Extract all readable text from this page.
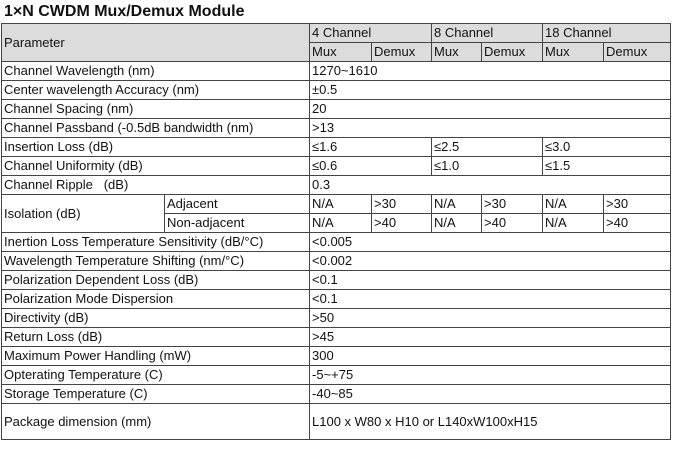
1×N CWDM Mux/Demux Module
Parameter		4 Channel		8 Channel		18 Channel	
		Mux	Demux	Mux	Demux	Mux	Demux
Channel Wavelength (nm)		1270~1610					
Center wavelength Accuracy (nm)		±0.5					
Channel Spacing (nm)		20					
Channel Passband (-0.5dB bandwidth (nm)		>13					
Insertion Loss (dB)		≤1.6		≤2.5		≤3.0	
Channel Uniformity (dB)		≤0.6		≤1.0		≤1.5	
Channel Ripple   (dB)		0.3					
Isolation (dB)	Adjacent	N/A	>30	N/A	>30	N/A	>30
	Non-adjacent	N/A	>40	N/A	>40	N/A	>40
Inertion Loss Temperature Sensitivity (dB/°C)		<0.005					
Wavelength Temperature Shifting (nm/°C)		<0.002					
Polarization Dependent Loss (dB)		<0.1					
Polarization Mode Dispersion		<0.1					
Directivity (dB)		>50					
Return Loss (dB)		>45					
Maximum Power Handling (mW)		300					
Opterating Temperature (C)		-5~+75					
Storage Temperature (C)		-40~85					
Package dimension (mm)		L100 x W80 x H10 or L140xW100xH15					
